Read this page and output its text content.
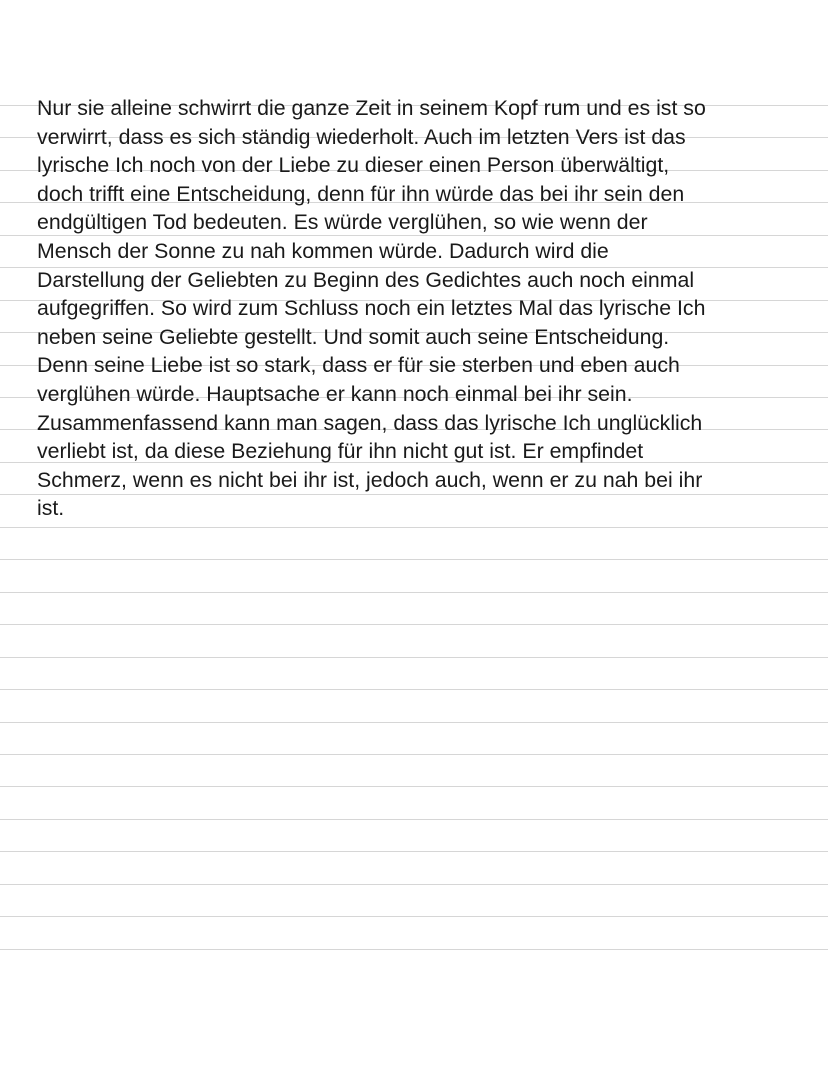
Nur sie alleine schwirrt die ganze Zeit in seinem Kopf rum und es ist so
verwirrt, dass es sich ständig wiederholt. Auch im letzten Vers ist das
lyrische Ich noch von der Liebe zu dieser einen Person überwältigt,
doch trifft eine Entscheidung, denn für ihn würde das bei ihr sein den
endgültigen Tod bedeuten. Es würde verglühen, so wie wenn der
Mensch der Sonne zu nah kommen würde. Dadurch wird die
Darstellung der Geliebten zu Beginn des Gedichtes auch noch einmal
aufgegriffen. So wird zum Schluss noch ein letztes Mal das lyrische Ich
neben seine Geliebte gestellt. Und somit auch seine Entscheidung.
Denn seine Liebe ist so stark, dass er für sie sterben und eben auch
verglühen würde. Hauptsache er kann noch einmal bei ihr sein.
Zusammenfassend kann man sagen, dass das lyrische Ich unglücklich
verliebt ist, da diese Beziehung für ihn nicht gut ist. Er empfindet
Schmerz, wenn es nicht bei ihr ist, jedoch auch, wenn er zu nah bei ihr
ist.
